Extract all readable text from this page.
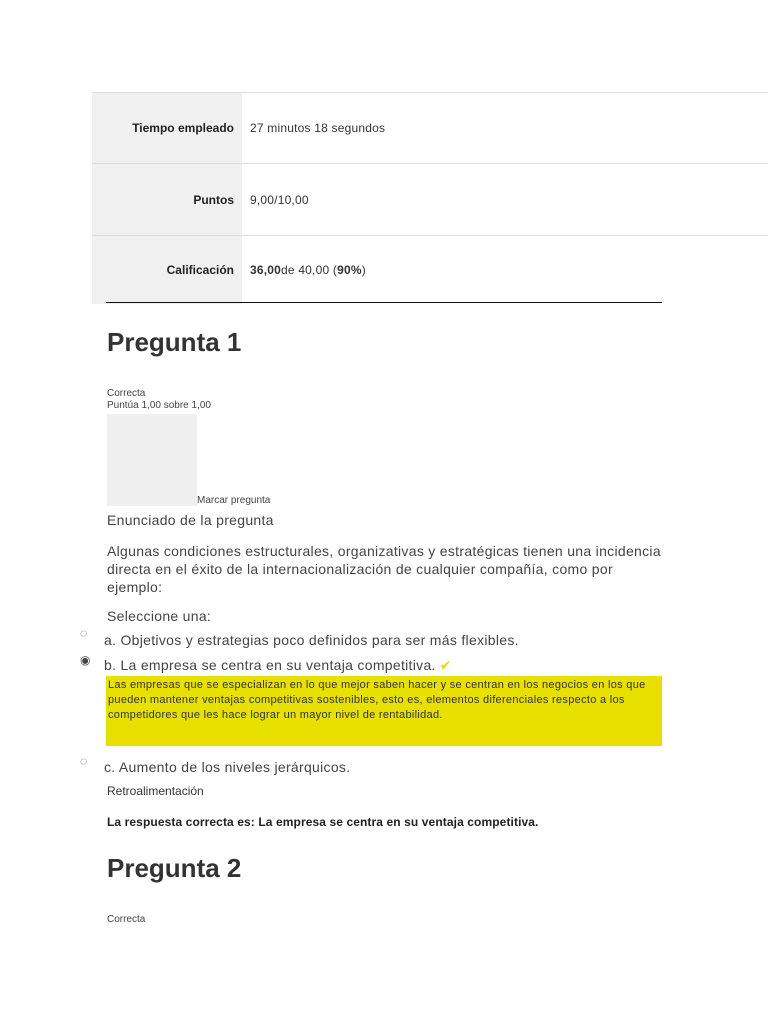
Tiempo empleado	27 minutos 18 segundos
Puntos	9,00/10,00
Calificación	36,00 de 40,00 ( 90% )
Pregunta 1
Correcta
Puntúa 1,00 sobre 1,00
Marcar pregunta
Enunciado de la pregunta
Algunas condiciones estructurales, organizativas y estratégicas tienen una incidencia directa en el éxito de la internacionalización de cualquier compañía, como por ejemplo:
Seleccione una:
◌ a. Objetivos y estrategias poco definidos para ser más flexibles.
◉ b. La empresa se centra en su ventaja competitiva. ✔
Las empresas que se especializan en lo que mejor saben hacer y se centran en los negocios en los que pueden mantener ventajas competitivas sostenibles, esto es, elementos diferenciales respecto a los competidores que les hace lograr un mayor nivel de rentabilidad.
◌ c. Aumento de los niveles jerárquicos.
Retroalimentación
La respuesta correcta es: La empresa se centra en su ventaja competitiva.
Pregunta 2
Correcta
